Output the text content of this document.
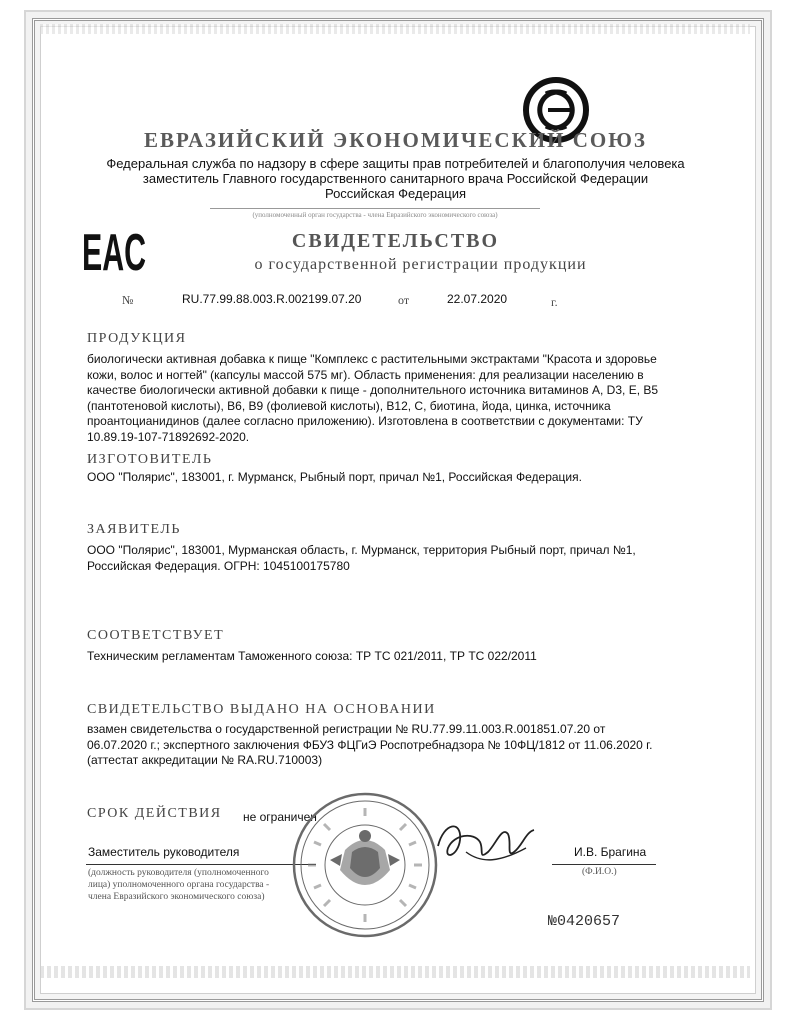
ЕВРАЗИЙСКИЙ ЭКОНОМИЧЕСКИЙ СОЮЗ
Федеральная служба по надзору в сфере защиты прав потребителей и благополучия человека
заместитель Главного государственного санитарного врача Российской Федерации
Российская Федерация
(уполномоченный орган государства - члена Евразийского экономического союза)
EAC	СВИДЕТЕЛЬСТВО
о государственной регистрации продукции
№	RU.77.99.88.003.R.002199.07.20	от	22.07.2020	г.
ПРОДУКЦИЯ
биологически активная добавка к пище "Комплекс с растительными экстрактами "Красота и здоровье кожи, волос и ногтей" (капсулы массой 575 мг). Область применения: для реализации населению в качестве биологически активной добавки к пище - дополнительного источника витаминов А, D3, Е, В5 (пантотеновой кислоты), В6, В9 (фолиевой кислоты), В12, С, биотина, йода, цинка, источника проантоцианидинов (далее согласно приложению). Изготовлена в соответствии с документами: ТУ 10.89.19-107-71892692-2020.
ИЗГОТОВИТЕЛЬ
ООО "Полярис", 183001, г. Мурманск, Рыбный порт, причал №1, Российская Федерация.
ЗАЯВИТЕЛЬ
ООО "Полярис", 183001, Мурманская область, г. Мурманск, территория Рыбный порт, причал №1, Российская Федерация. ОГРН: 1045100175780
СООТВЕТСТВУЕТ
Техническим регламентам Таможенного союза: ТР ТС 021/2011, ТР ТС 022/2011
СВИДЕТЕЛЬСТВО ВЫДАНО НА ОСНОВАНИИ
взамен свидетельства о государственной регистрации № RU.77.99.11.003.R.001851.07.20 от 06.07.2020 г.; экспертного заключения ФБУЗ ФЦГиЭ Роспотребнадзора № 10ФЦ/1812 от 11.06.2020 г. (аттестат аккредитации № RA.RU.710003)
СРОК ДЕЙСТВИЯ не ограничен
Заместитель руководителя
(должность руководителя (уполномоченного
лица) уполномоченного органа государства -
члена Евразийского экономического союза)
И.В. Брагина
(Ф.И.О.)
№0420657
